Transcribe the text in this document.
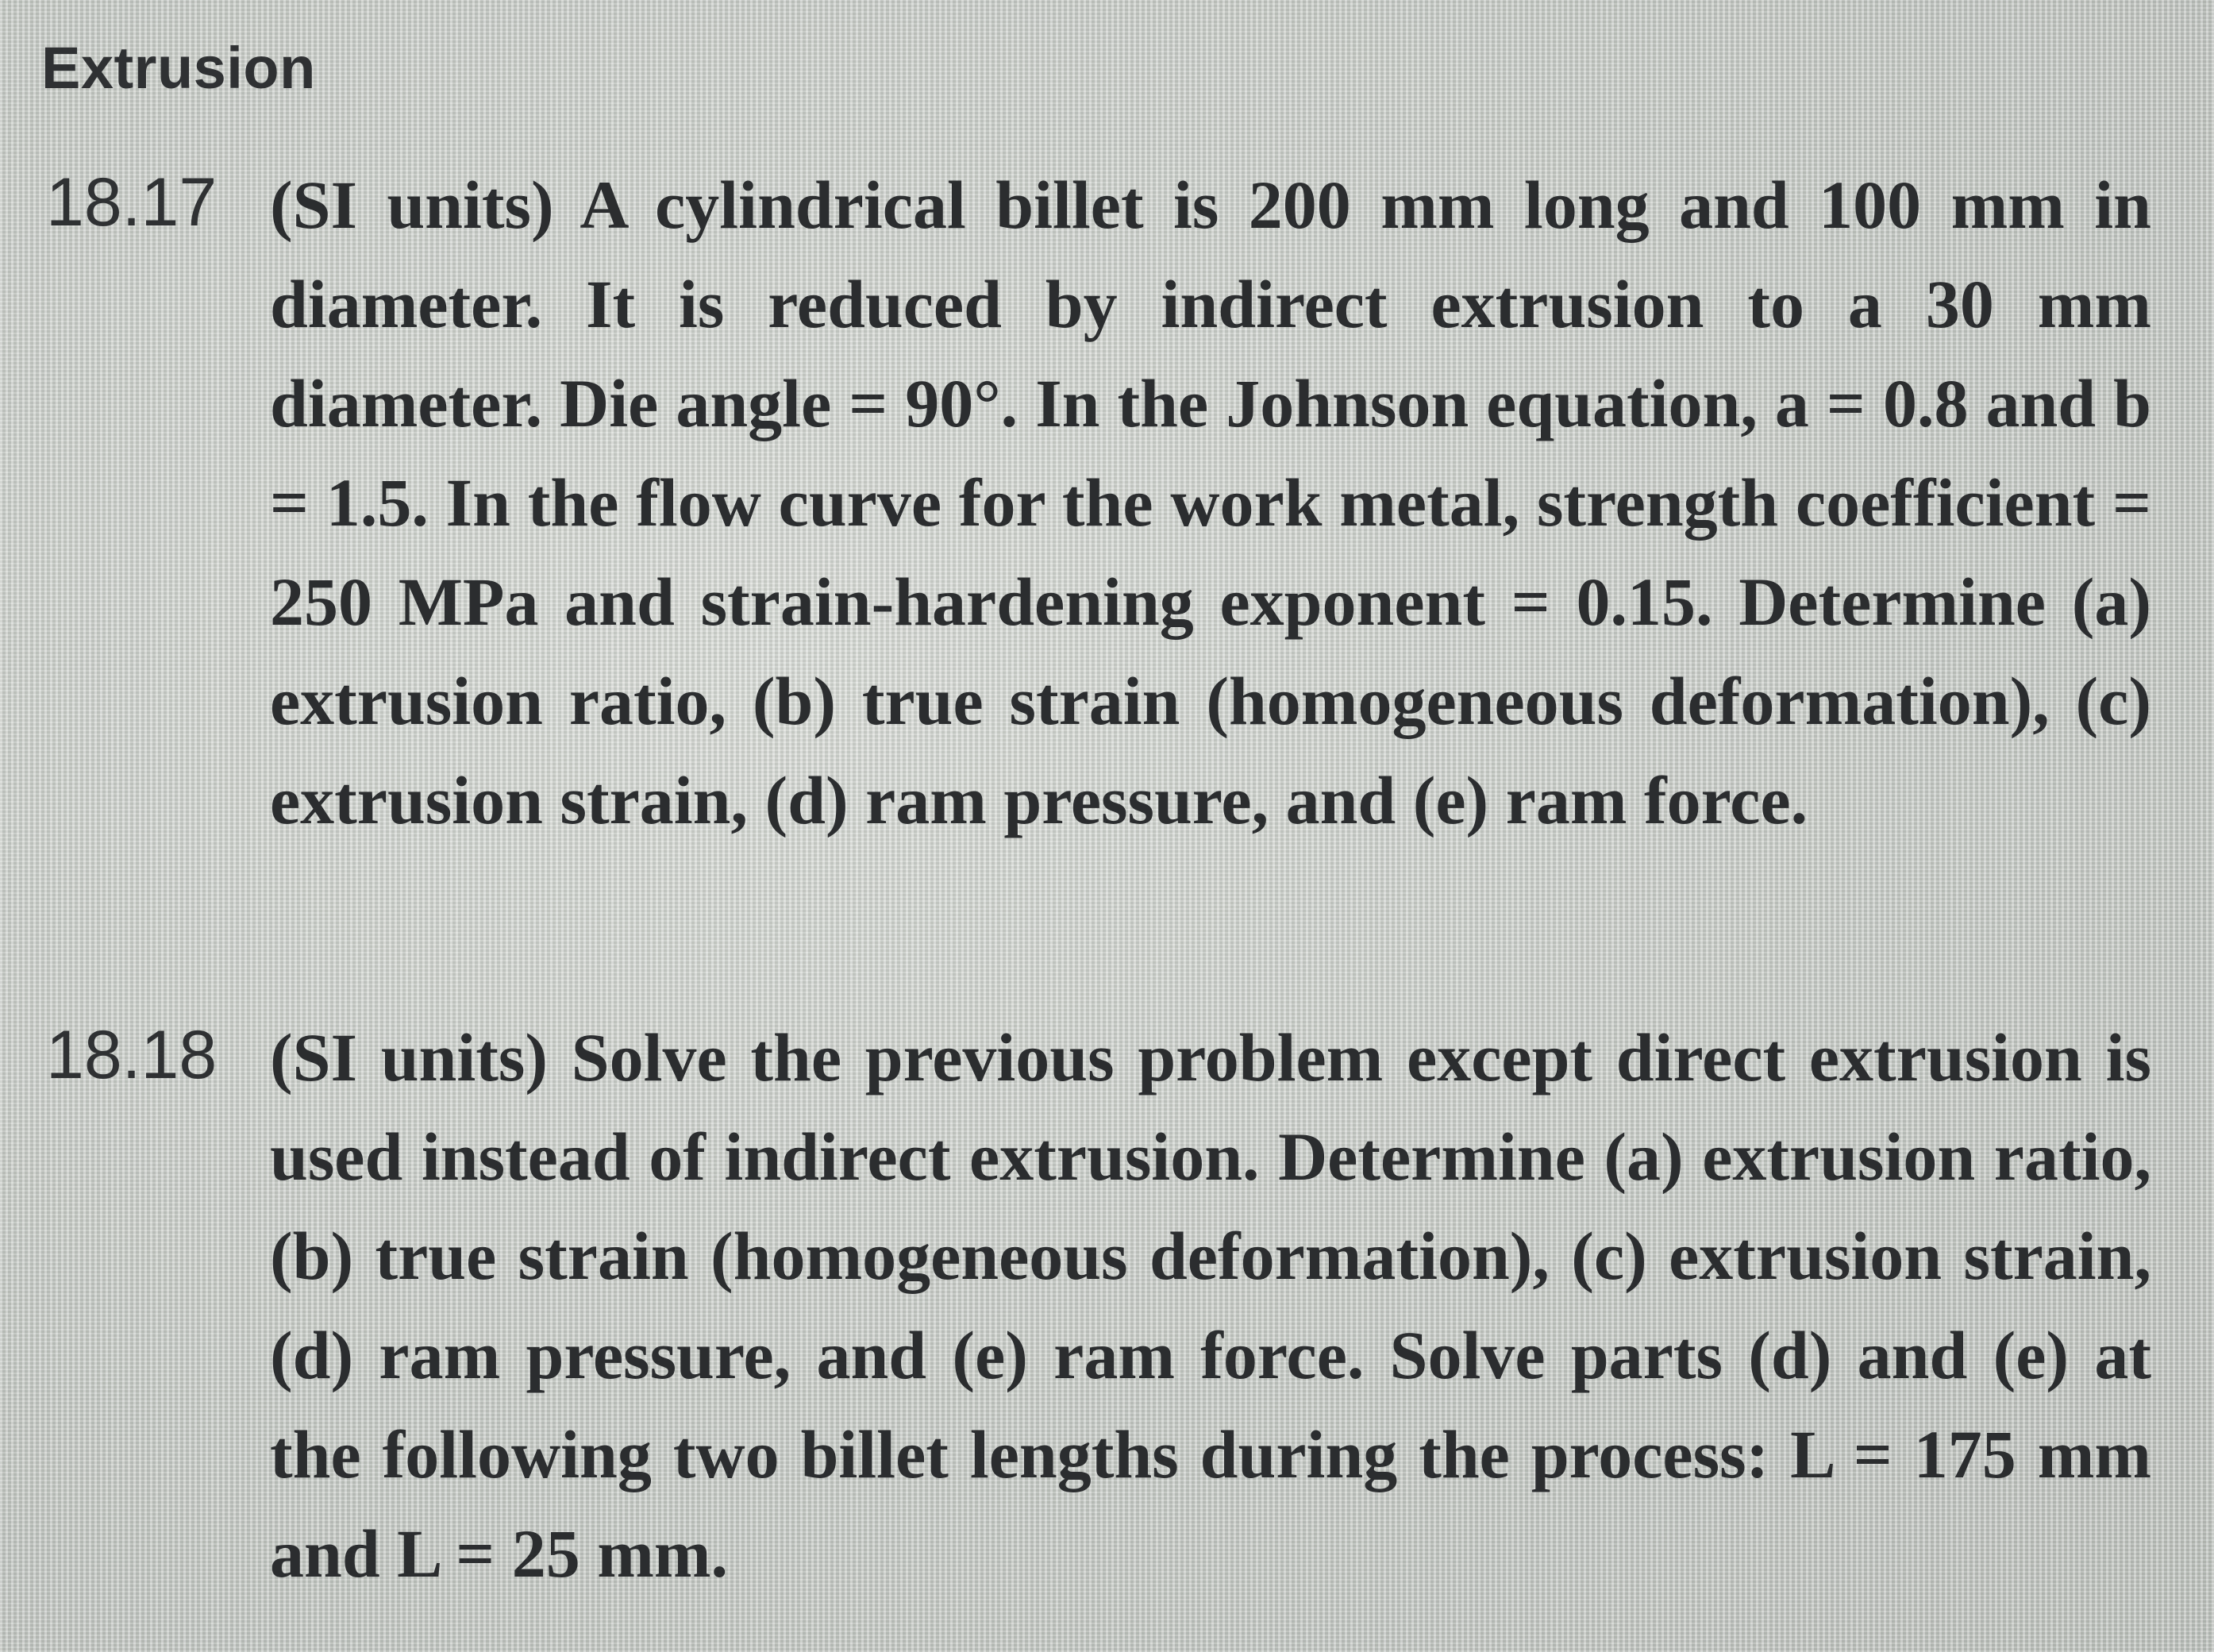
Extrusion
18.17 (SI units) A cylindrical billet is 200 mm long and 100 mm in diameter. It is reduced by indirect extrusion to a 30 mm diameter. Die angle = 90°. In the Johnson equation, a = 0.8 and b = 1.5. In the flow curve for the work metal, strength coefficient = 250 MPa and strain-hardening exponent = 0.15. Determine (a) extrusion ratio, (b) true strain (homogeneous deformation), (c) extrusion strain, (d) ram pressure, and (e) ram force.

18.18 (SI units) Solve the previous problem except direct extrusion is used instead of indirect extrusion. Determine (a) extrusion ratio, (b) true strain (homogeneous deformation), (c) extrusion strain, (d) ram pressure, and (e) ram force. Solve parts (d) and (e) at the following two billet lengths during the process: L = 175 mm and L = 25 mm.
